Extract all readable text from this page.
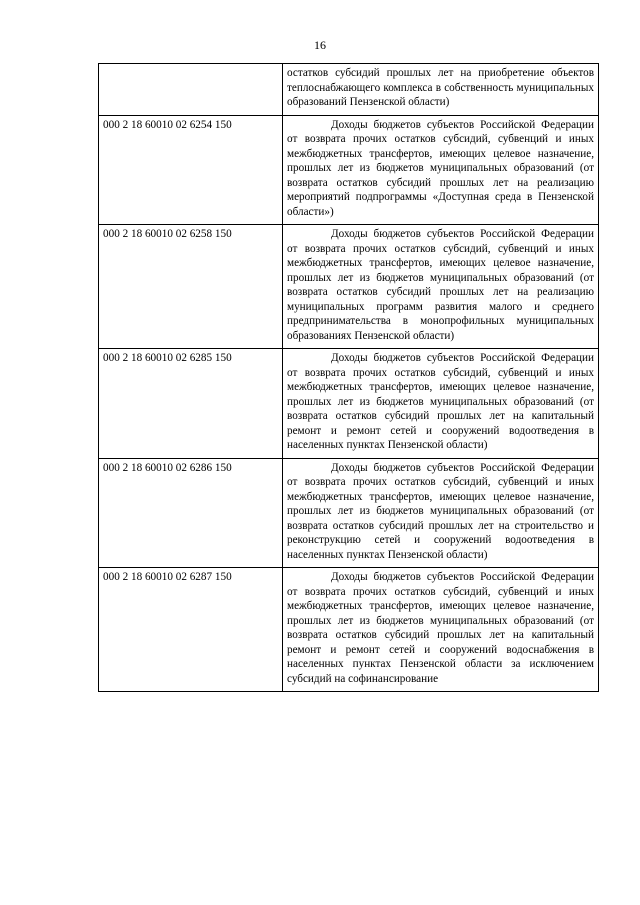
16
	остатков субсидий прошлых лет на приобретение объектов теплоснабжающего комплекса в собственность муниципальных образований Пензенской области)
000 2 18 60010 02 6254 150	Доходы бюджетов субъектов Российской Федерации от возврата прочих остатков субсидий, субвенций и иных межбюджетных трансфертов, имеющих целевое назначение, прошлых лет из бюджетов муниципальных образований (от возврата остатков субсидий прошлых лет на реализацию мероприятий подпрограммы «Доступная среда в Пензенской области»)
000 2 18 60010 02 6258 150	Доходы бюджетов субъектов Российской Федерации от возврата прочих остатков субсидий, субвенций и иных межбюджетных трансфертов, имеющих целевое назначение, прошлых лет из бюджетов муниципальных образований (от возврата остатков субсидий прошлых лет на реализацию муниципальных программ развития малого и среднего предпринимательства в монопрофильных муниципальных образованиях Пензенской области)
000 2 18 60010 02 6285 150	Доходы бюджетов субъектов Российской Федерации от возврата прочих остатков субсидий, субвенций и иных межбюджетных трансфертов, имеющих целевое назначение, прошлых лет из бюджетов муниципальных образований (от возврата остатков субсидий прошлых лет на капитальный ремонт и ремонт сетей и сооружений водоотведения в населенных пунктах Пензенской области)
000 2 18 60010 02 6286 150	Доходы бюджетов субъектов Российской Федерации от возврата прочих остатков субсидий, субвенций и иных межбюджетных трансфертов, имеющих целевое назначение, прошлых лет из бюджетов муниципальных образований (от возврата остатков субсидий прошлых лет на строительство и реконструкцию сетей и сооружений водоотведения в населенных пунктах Пензенской области)
000 2 18 60010 02 6287 150	Доходы бюджетов субъектов Российской Федерации от возврата прочих остатков субсидий, субвенций и иных межбюджетных трансфертов, имеющих целевое назначение, прошлых лет из бюджетов муниципальных образований (от возврата остатков субсидий прошлых лет на капитальный ремонт и ремонт сетей и сооружений водоснабжения в населенных пунктах Пензенской области за исключением субсидий на софинансирование
